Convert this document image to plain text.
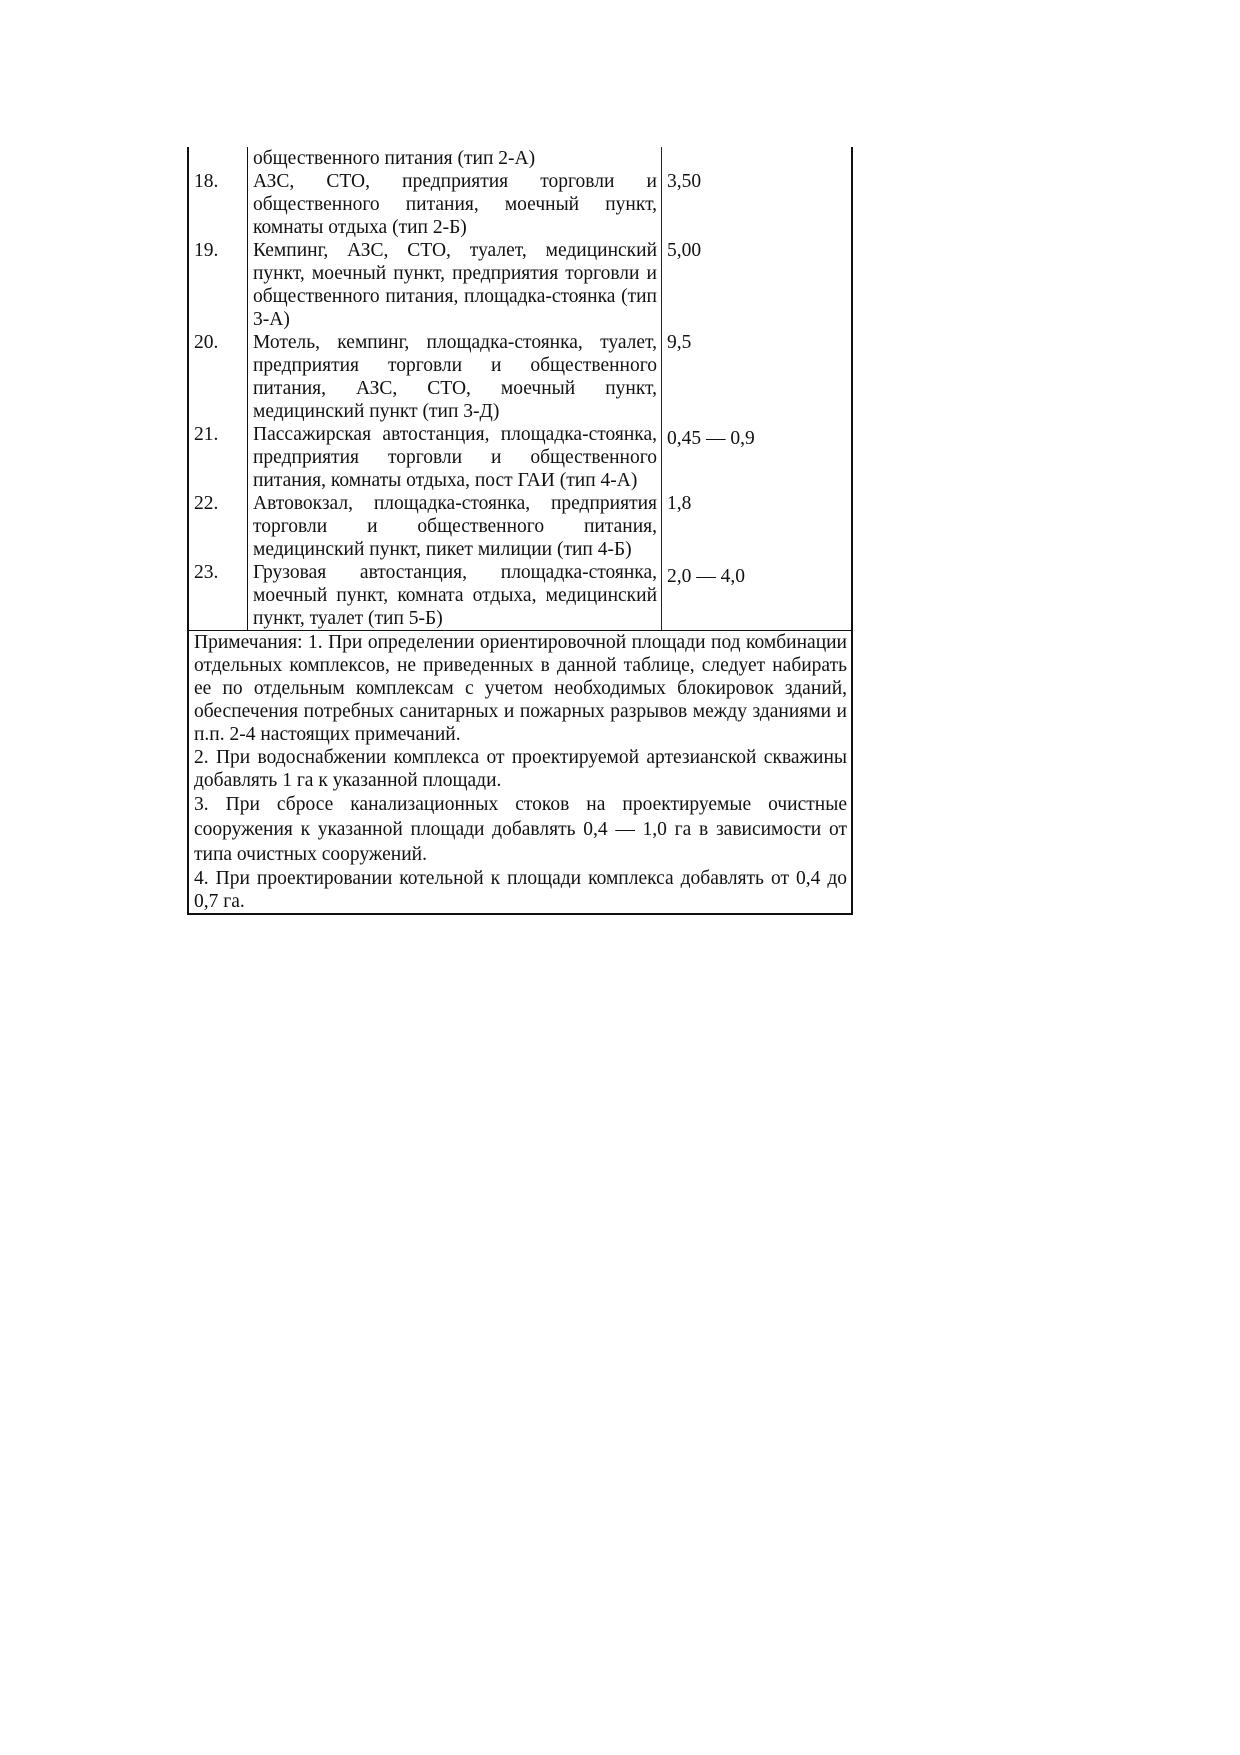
	общественного питания (тип 2-А)	
18.	АЗС, СТО, предприятия торговли и общественного питания, моечный пункт, комнаты отдыха (тип 2-Б)	3,50
19.	Кемпинг, АЗС, СТО, туалет, медицинский пункт, моечный пункт, предприятия торговли и общественного питания, площадка-стоянка (тип 3-А)	5,00
20.	Мотель, кемпинг, площадка-стоянка, туалет, предприятия торговли и общественного питания, АЗС, СТО, моечный пункт, медицинский пункт (тип 3-Д)	9,5
21.	Пассажирская автостанция, площадка-стоянка, предприятия торговли и общественного питания, комнаты отдыха, пост ГАИ (тип 4-А)	0,45 — 0,9
22.	Автовокзал, площадка-стоянка, предприятия торговли и общественного питания, медицинский пункт, пикет милиции (тип 4-Б)	1,8
23.	Грузовая автостанция, площадка-стоянка, моечный пункт, комната отдыха, медицинский пункт, туалет (тип 5-Б)	2,0 — 4,0

Примечания: 1. При определении ориентировочной площади под комбинации отдельных комплексов, не приведенных в данной таблице, следует набирать ее по отдельным комплексам с учетом необходимых блокировок зданий, обеспечения потребных санитарных и пожарных разрывов между зданиями и п.п. 2-4 настоящих примечаний.
2. При водоснабжении комплекса от проектируемой артезианской скважины добавлять 1 га к указанной площади.
3. При сбросе канализационных стоков на проектируемые очистные сооружения к указанной площади добавлять 0,4 — 1,0 га в зависимости от типа очистных сооружений.
4. При проектировании котельной к площади комплекса добавлять от 0,4 до 0,7 га.		
